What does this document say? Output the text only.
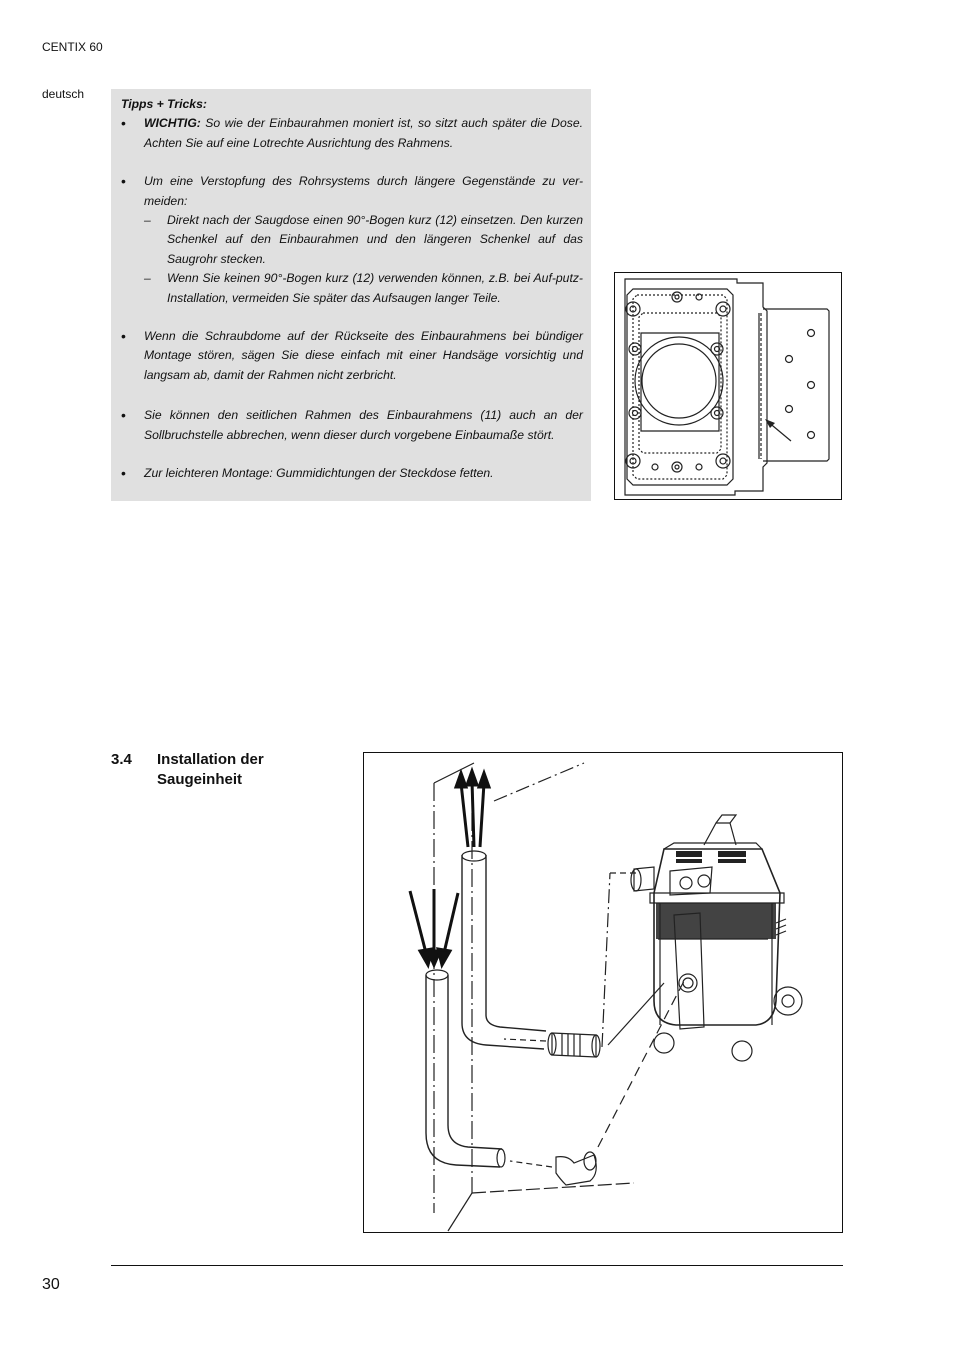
CENTIX 60
deutsch
Tipps + Tricks:
• WICHTIG: So wie der Einbaurahmen moniert ist, so sitzt auch später die Dose. Achten Sie auf eine Lotrechte Ausrichtung des Rahmens.
• Um eine Verstopfung des Rohrsystems durch längere Gegenstände zu ver-meiden:
– Direkt nach der Saugdose einen 90°-Bogen kurz (12) einsetzen. Den kurzen Schenkel auf den Einbaurahmen und den längeren Schenkel auf das Saugrohr stecken.
– Wenn Sie keinen 90°-Bogen kurz (12) verwenden können, z.B. bei Auf-putz-Installation, vermeiden Sie später das Aufsaugen langer Teile.
• Wenn die Schraubdome auf der Rückseite des Einbaurahmens bei bündiger Montage stören, sägen Sie diese einfach mit einer Handsäge vorsichtig und langsam ab, damit der Rahmen nicht zerbricht.
• Sie können den seitlichen Rahmen des Einbaurahmens (11) auch an der Sollbruchstelle abbrechen, wenn dieser durch vorgebene Einbaumaße stört.
• Zur leichteren Montage: Gummidichtungen der Steckdose fetten.
3.4 Installation der Saugeinheit
30
